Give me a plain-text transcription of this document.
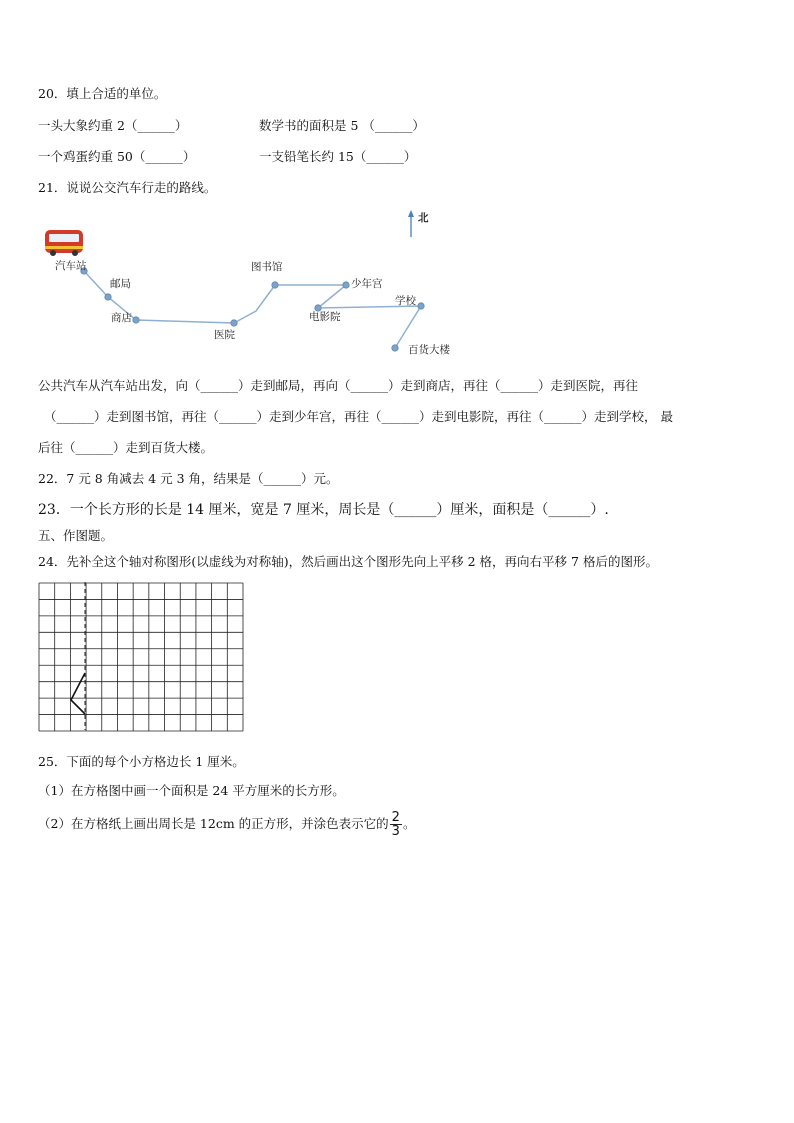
20．填上合适的单位。
一头大象约重 2（______）	数学书的面积是 5 （______）
一个鸡蛋约重 50（______）	一支铅笔长约 15（______）
21．说说公交汽车行走的路线。
北
汽车站
邮局
商店
医院
图书馆
少年宫
电影院
学校
百货大楼
公共汽车从汽车站出发，向（______）走到邮局，再向（______）走到商店，再往（______）走到医院，再往
（______）走到图书馆，再往（______）走到少年宫，再往（______）走到电影院，再往（______）走到学校， 最
后往（______）走到百货大楼。
22．7 元 8 角减去 4 元 3 角，结果是（______）元。
23．一个长方形的长是 14 厘米，宽是 7 厘米，周长是（______）厘米，面积是（______）.
五、作图题。
24．先补全这个轴对称图形(以虚线为对称轴)，然后画出这个图形先向上平移 2 格，再向右平移 7 格后的图形。
25．下面的每个小方格边长 1 厘米。
（1）在方格图中画一个面积是 24 平方厘米的长方形。
（2）在方格纸上画出周长是 12cm 的正方形，并涂色表示它的 $\frac{2}{3}$ 。
